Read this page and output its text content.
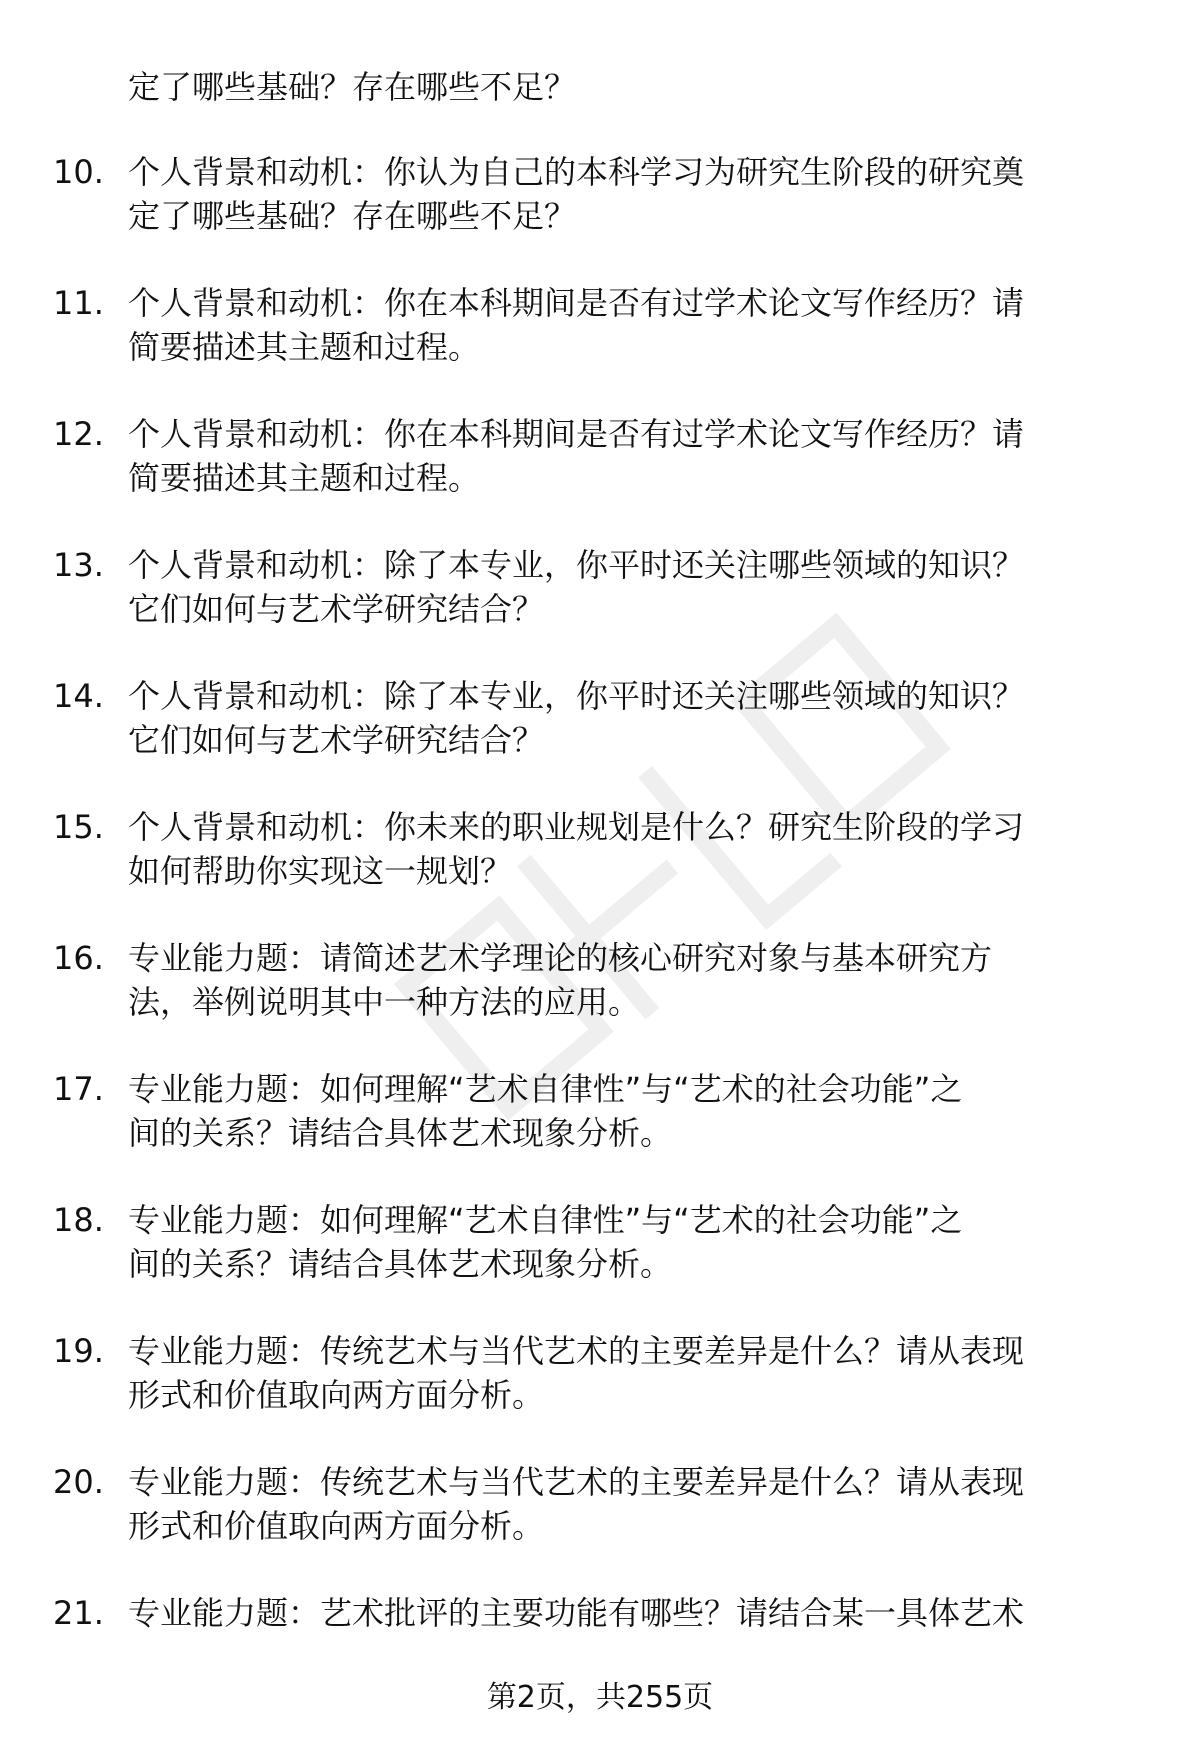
定了哪些基础？存在哪些不足？
10. 个人背景和动机：你认为自己的本科学习为研究生阶段的研究奠
定了哪些基础？存在哪些不足？
11. 个人背景和动机：你在本科期间是否有过学术论文写作经历？请
简要描述其主题和过程。
12. 个人背景和动机：你在本科期间是否有过学术论文写作经历？请
简要描述其主题和过程。
13. 个人背景和动机：除了本专业，你平时还关注哪些领域的知识？
它们如何与艺术学研究结合？
14. 个人背景和动机：除了本专业，你平时还关注哪些领域的知识？
它们如何与艺术学研究结合？
15. 个人背景和动机：你未来的职业规划是什么？研究生阶段的学习
如何帮助你实现这一规划？
16. 专业能力题：请简述艺术学理论的核心研究对象与基本研究方
法，举例说明其中一种方法的应用。
17. 专业能力题：如何理解“艺术自律性”与“艺术的社会功能”之
间的关系？请结合具体艺术现象分析。
18. 专业能力题：如何理解“艺术自律性”与“艺术的社会功能”之
间的关系？请结合具体艺术现象分析。
19. 专业能力题：传统艺术与当代艺术的主要差异是什么？请从表现
形式和价值取向两方面分析。
20. 专业能力题：传统艺术与当代艺术的主要差异是什么？请从表现
形式和价值取向两方面分析。
21. 专业能力题：艺术批评的主要功能有哪些？请结合某一具体艺术
第2页，共255页
